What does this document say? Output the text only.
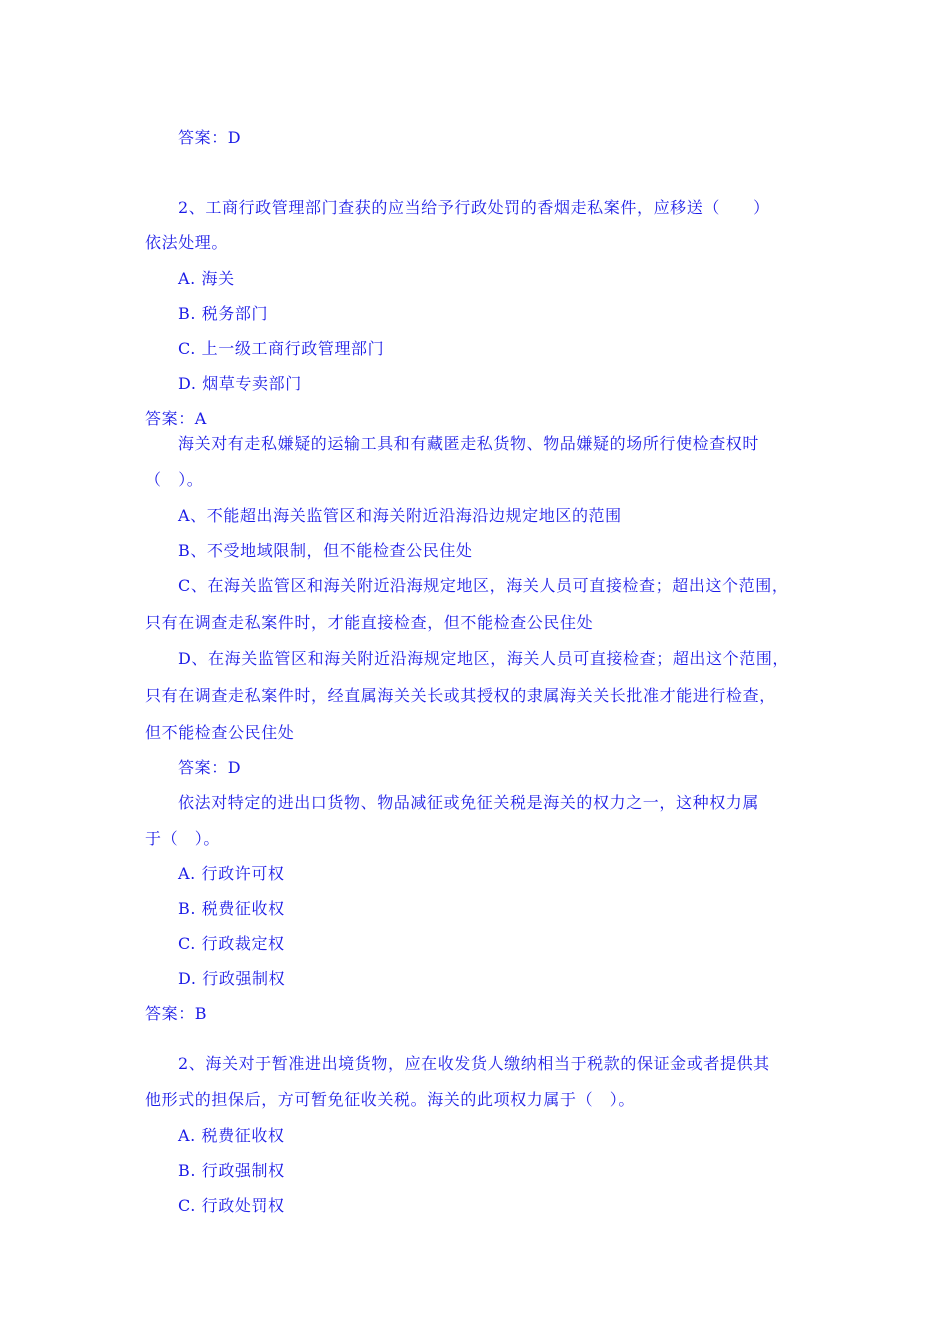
答案：D
2、工商行政管理部门查获的应当给予行政处罚的香烟走私案件，应移送（　　）
依法处理。
A. 海关
B. 税务部门
C. 上一级工商行政管理部门
D. 烟草专卖部门
答案：A
海关对有走私嫌疑的运输工具和有藏匿走私货物、物品嫌疑的场所行使检查权时
（　）。
A、不能超出海关监管区和海关附近沿海沿边规定地区的范围
B、不受地域限制，但不能检查公民住处
C、在海关监管区和海关附近沿海规定地区，海关人员可直接检查；超出这个范围，
只有在调查走私案件时，才能直接检查，但不能检查公民住处
D、在海关监管区和海关附近沿海规定地区，海关人员可直接检查；超出这个范围，
只有在调查走私案件时，经直属海关关长或其授权的隶属海关关长批准才能进行检查，
但不能检查公民住处
答案：D
依法对特定的进出口货物、物品减征或免征关税是海关的权力之一，这种权力属
于（　）。
A. 行政许可权
B. 税费征收权
C. 行政裁定权
D. 行政强制权
答案：B
2、海关对于暂准进出境货物，应在收发货人缴纳相当于税款的保证金或者提供其
他形式的担保后，方可暂免征收关税。海关的此项权力属于（　）。
A. 税费征收权
B. 行政强制权
C. 行政处罚权
